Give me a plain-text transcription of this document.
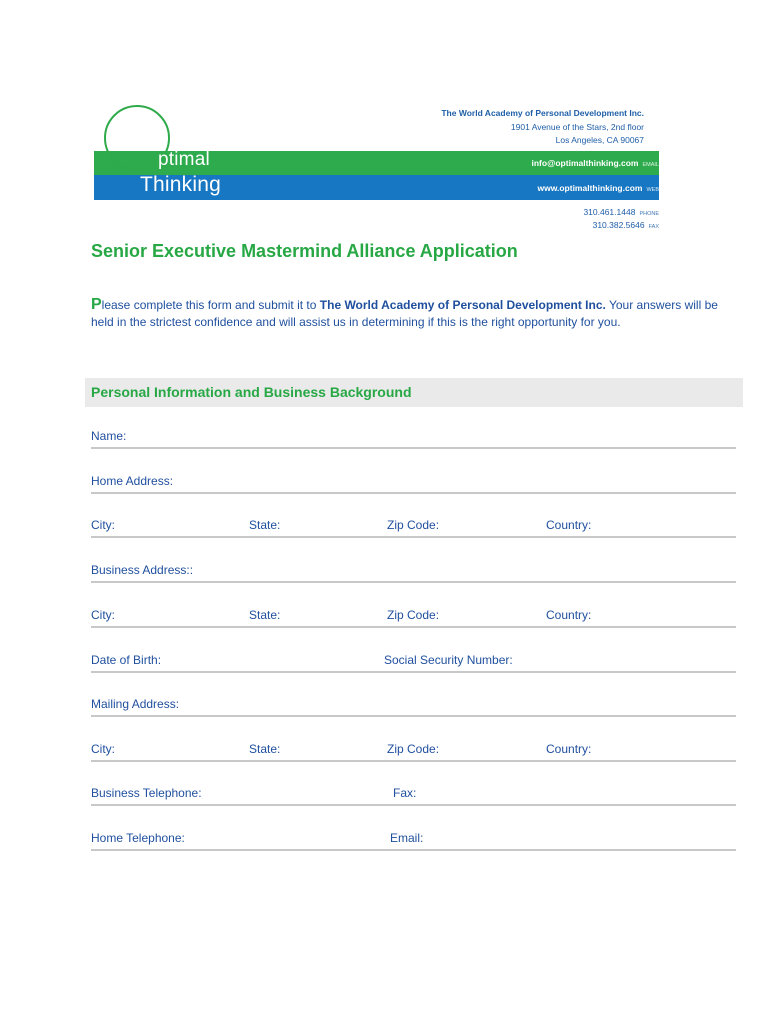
ptimal
Thinking
The World Academy of Personal Development Inc.
1901 Avenue of the Stars, 2nd floor
Los Angeles, CA 90067
info@optimalthinking.com EMAIL
www.optimalthinking.com WEB
310.461.1448 PHONE
310.382.5646 FAX
Senior Executive Mastermind Alliance Application

Please complete this form and submit it to The World Academy of Personal Development Inc. Your answers will be held in the strictest confidence and will assist us in determining if this is the right opportunity for you.

Personal Information and Business Background
Name:
Home Address:
City:	State:	Zip Code:	Country:
Business Address::
City:	State:	Zip Code:	Country:
Date of Birth:	Social Security Number:
Mailing Address:
City:	State:	Zip Code:	Country:
Business Telephone:	Fax:
Home Telephone:	Email:
